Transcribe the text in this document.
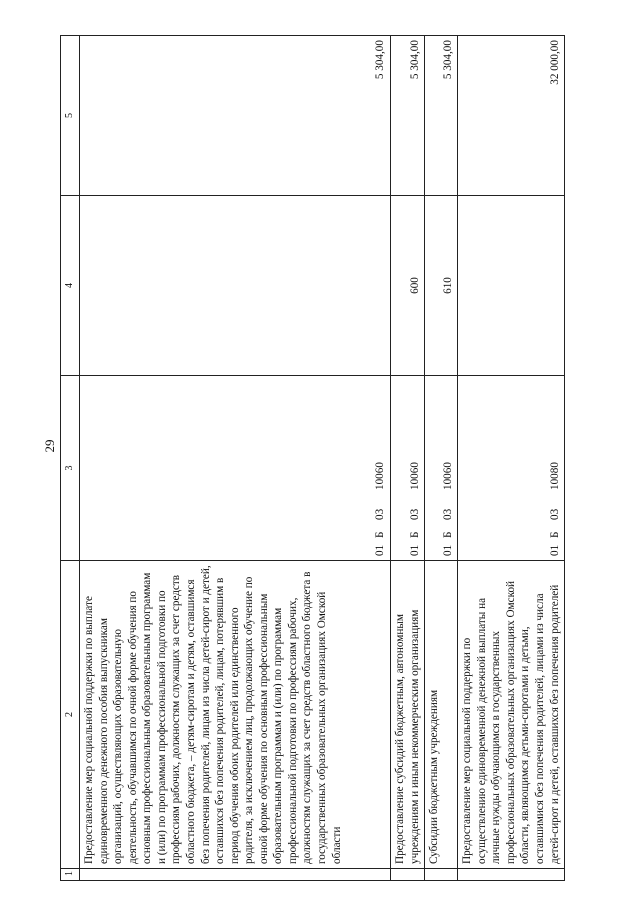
29
1	2	3	4	5
	Предоставление мер социальной поддержки по выплате единовременного денежного пособия выпускникам организаций, осуществляющих образовательную деятельность, обучавшимся по очной форме обучения по основным профессиональным образовательным программам и (или) по программам профессиональной подготовки по профессиям рабочих, должностям служащих за счет средств областного бюджета, – детям-сиротам и детям, оставшимся без попечения родителей, лицам из числа детей-сирот и детей, оставшихся без попечения родителей, лицам, потерявшим в период обучения обоих родителей или единственного родителя, за исключением лиц, продолжающих обучение по очной форме обучения по основным профессиональным образовательным программам и (или) по программам профессиональной подготовки по профессиям рабочих, должностям служащих за счет средств областного бюджета в государственных образовательных организациях Омской области	01Б0310060		5 304,00
	Предоставление субсидий бюджетным, автономным учреждениям и иным некоммерческим организациям	01Б0310060	600	5 304,00
	Субсидии бюджетным учреждениям	01Б0310060	610	5 304,00
	Предоставление мер социальной поддержки по осуществлению единовременной денежной выплаты на личные нужды обучающимся в государственных профессиональных образовательных организациях Омской области, являющимся детьми-сиротами и детьми, оставшимися без попечения родителей, лицами из числа детей-сирот и детей, оставшихся без попечения родителей	01Б0310080		32 000,00
